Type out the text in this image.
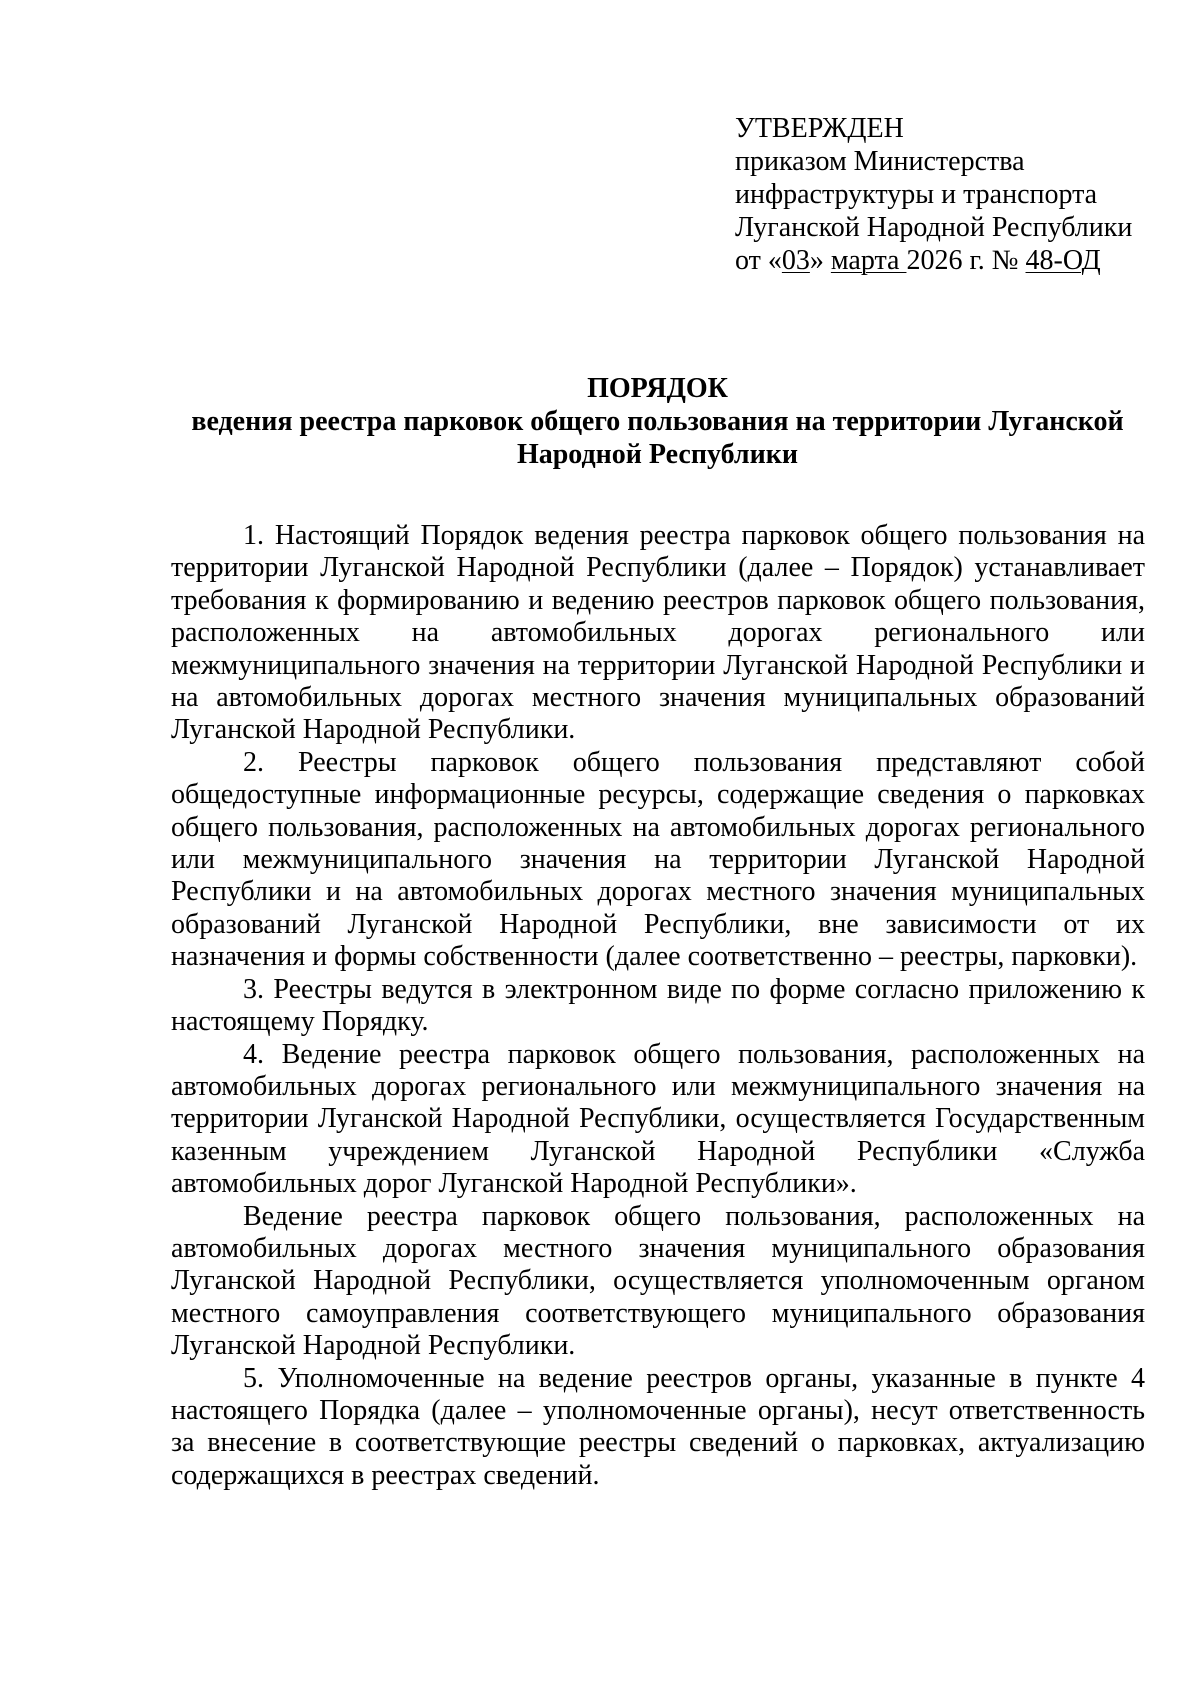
УТВЕРЖДЕН
приказом Министерства
инфраструктуры и транспорта
Луганской Народной Республики
от «03» марта 2026 г. № 48-ОД
ПОРЯДОК
ведения реестра парковок общего пользования на территории Луганской Народной Республики

1. Настоящий Порядок ведения реестра парковок общего пользования на территории Луганской Народной Республики (далее – Порядок) устанавливает требования к формированию и ведению реестров парковок общего пользования, расположенных на автомобильных дорогах регионального или межмуниципального значения на территории Луганской Народной Республики и на автомобильных дорогах местного значения муниципальных образований Луганской Народной Республики.

2. Реестры парковок общего пользования представляют собой общедоступные информационные ресурсы, содержащие сведения о парковках общего пользования, расположенных на автомобильных дорогах регионального или межмуниципального значения на территории Луганской Народной Республики и на автомобильных дорогах местного значения муниципальных образований Луганской Народной Республики, вне зависимости от их назначения и формы собственности (далее соответственно – реестры, парковки).

3. Реестры ведутся в электронном виде по форме согласно приложению к настоящему Порядку.

4. Ведение реестра парковок общего пользования, расположенных на автомобильных дорогах регионального или межмуниципального значения на территории Луганской Народной Республики, осуществляется Государственным казенным учреждением Луганской Народной Республики «Служба автомобильных дорог Луганской Народной Республики».

Ведение реестра парковок общего пользования, расположенных на автомобильных дорогах местного значения муниципального образования Луганской Народной Республики, осуществляется уполномоченным органом местного самоуправления соответствующего муниципального образования Луганской Народной Республики.

5. Уполномоченные на ведение реестров органы, указанные в пункте 4 настоящего Порядка (далее – уполномоченные органы), несут ответственность за внесение в соответствующие реестры сведений о парковках, актуализацию содержащихся в реестрах сведений.
